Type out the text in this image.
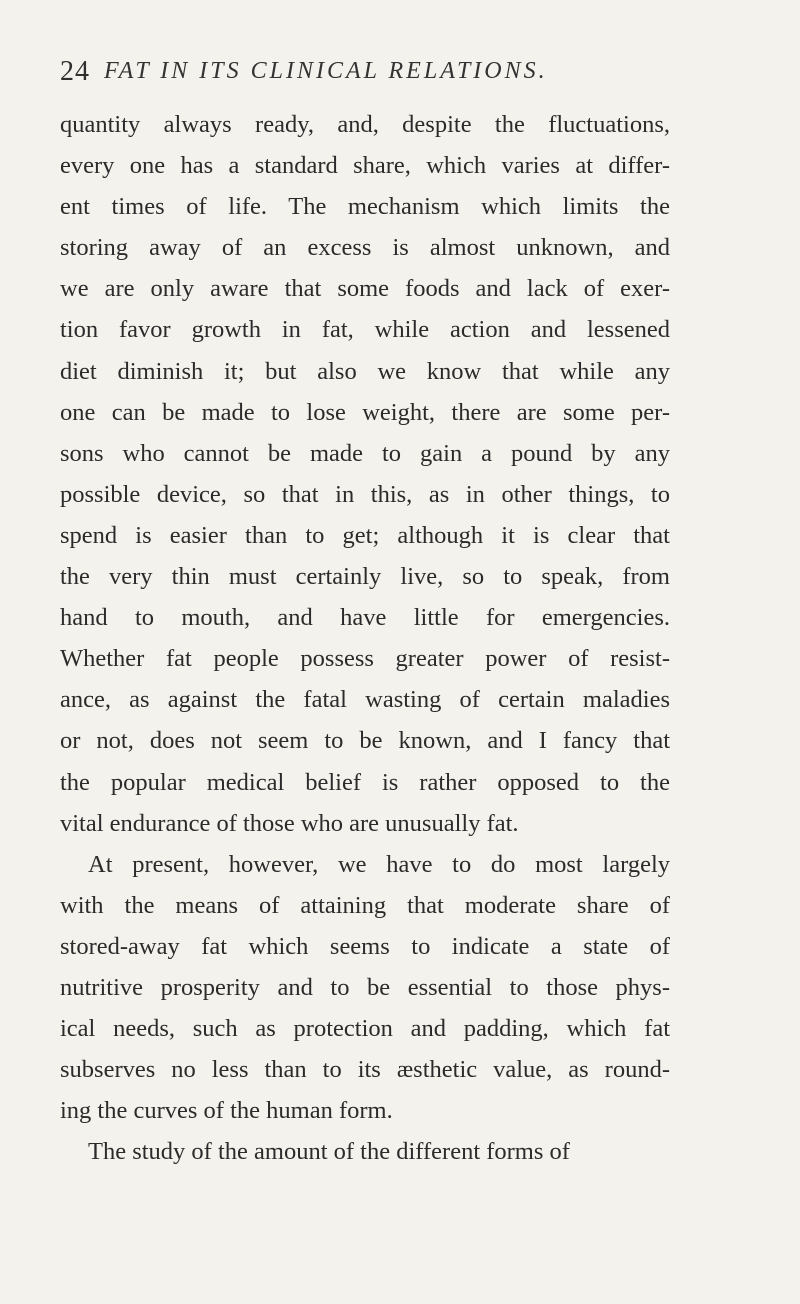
24 FAT IN ITS CLINICAL RELATIONS.
quantity always ready, and, despite the fluctuations,
every one has a standard share, which varies at differ-
ent times of life. The mechanism which limits the
storing away of an excess is almost unknown, and
we are only aware that some foods and lack of exer-
tion favor growth in fat, while action and lessened
diet diminish it; but also we know that while any
one can be made to lose weight, there are some per-
sons who cannot be made to gain a pound by any
possible device, so that in this, as in other things, to
spend is easier than to get; although it is clear that
the very thin must certainly live, so to speak, from
hand to mouth, and have little for emergencies.
Whether fat people possess greater power of resist-
ance, as against the fatal wasting of certain maladies
or not, does not seem to be known, and I fancy that
the popular medical belief is rather opposed to the
vital endurance of those who are unusually fat.
At present, however, we have to do most largely
with the means of attaining that moderate share of
stored-away fat which seems to indicate a state of
nutritive prosperity and to be essential to those phys-
ical needs, such as protection and padding, which fat
subserves no less than to its æsthetic value, as round-
ing the curves of the human form.
The study of the amount of the different forms of
